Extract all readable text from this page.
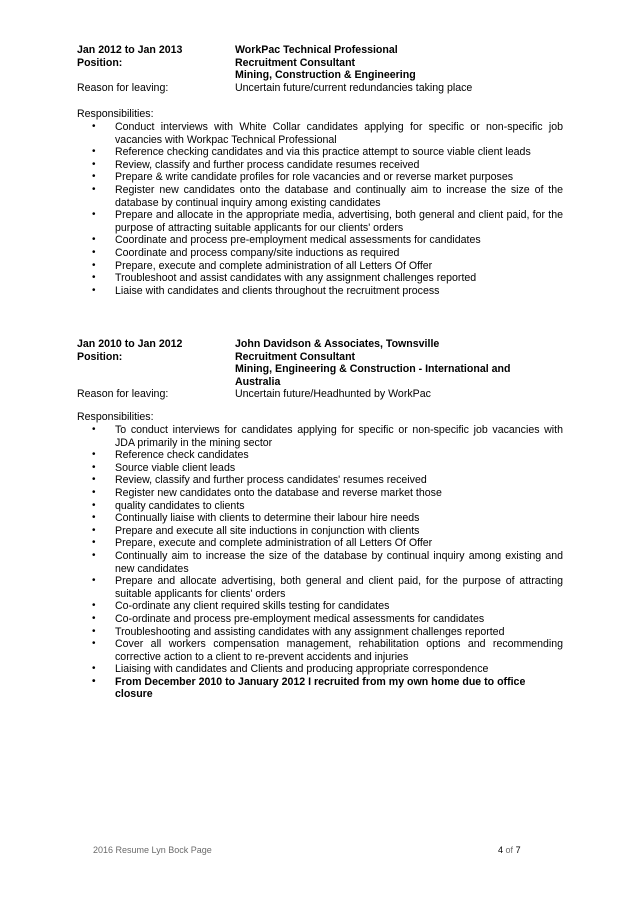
Jan 2012 to Jan 2013	WorkPac Technical Professional
Position:	Recruitment Consultant
Mining, Construction & Engineering
Reason for leaving:	Uncertain future/current redundancies taking place
Responsibilities:
• Conduct interviews with White Collar candidates applying for specific or non-specific job vacancies with Workpac Technical Professional
• Reference checking candidates and via this practice attempt to source viable client leads
• Review, classify and further process candidate resumes received
• Prepare & write candidate profiles for role vacancies and or reverse market purposes
• Register new candidates onto the database and continually aim to increase the size of the database by continual inquiry among existing candidates
• Prepare and allocate in the appropriate media, advertising, both general and client paid, for the purpose of attracting suitable applicants for our clients' orders
• Coordinate and process pre-employment medical assessments for candidates
• Coordinate and process company/site inductions as required
• Prepare, execute and complete administration of all Letters Of Offer
• Troubleshoot and assist candidates with any assignment challenges reported
• Liaise with candidates and clients throughout the recruitment process
Jan 2010 to Jan 2012	John Davidson & Associates, Townsville
Position:	Recruitment Consultant
Mining, Engineering & Construction - International and
Australia
Reason for leaving:	Uncertain future/Headhunted by WorkPac
Responsibilities:
• To conduct interviews for candidates applying for specific or non-specific job vacancies with JDA primarily in the mining sector
• Reference check candidates
• Source viable client leads
• Review, classify and further process candidates' resumes received
• Register new candidates onto the database and reverse market those
• quality candidates to clients
• Continually liaise with clients to determine their labour hire needs
• Prepare and execute all site inductions in conjunction with clients
• Prepare, execute and complete administration of all Letters Of Offer
• Continually aim to increase the size of the database by continual inquiry among existing and new candidates
• Prepare and allocate advertising, both general and client paid, for the purpose of attracting suitable applicants for clients' orders
• Co-ordinate any client required skills testing for candidates
• Co-ordinate and process pre-employment medical assessments for candidates
• Troubleshooting and assisting candidates with any assignment challenges reported
• Cover all workers compensation management, rehabilitation options and recommending corrective action to a client to re-prevent accidents and injuries
• Liaising with candidates and Clients and producing appropriate correspondence
• From December 2010 to January 2012 I recruited from my own home due to office closure
2016 Resume Lyn Bock Page	4 of 7
